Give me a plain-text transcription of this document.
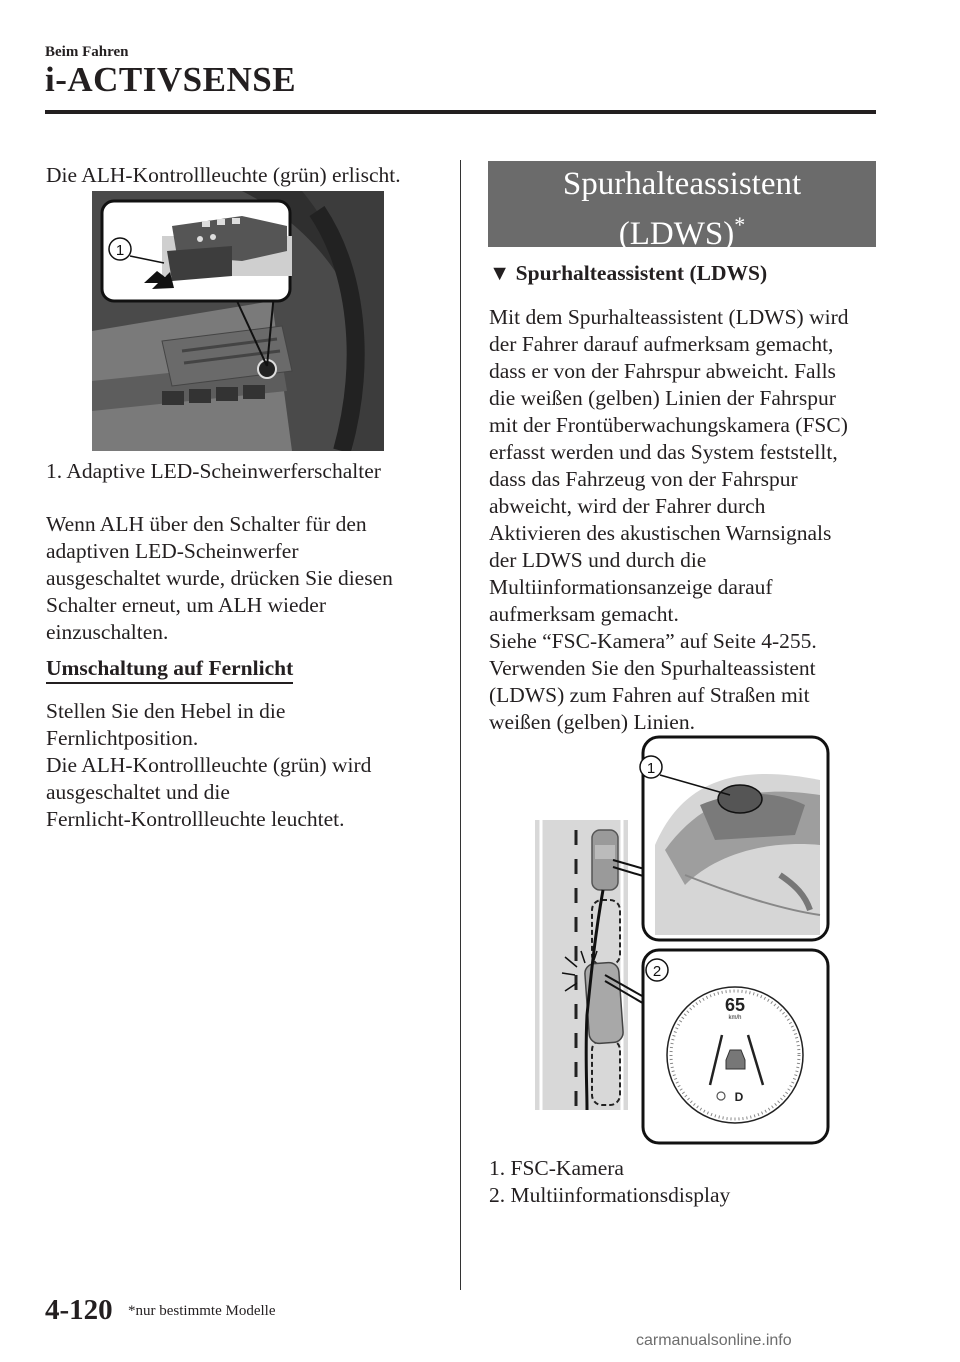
Beim Fahren
i-ACTIVSENSE

Die ALH-Kontrollleuchte (grün) erlischt.

1

1. Adaptive LED-Scheinwerferschalter

Wenn ALH über den Schalter für den

adaptiven LED-Scheinwerfer

ausgeschaltet wurde, drücken Sie diesen

Schalter erneut, um ALH wieder

einzuschalten.

Umschaltung auf Fernlicht

Stellen Sie den Hebel in die

Fernlichtposition.

Die ALH-Kontrollleuchte (grün) wird

ausgeschaltet und die

Fernlicht-Kontrollleuchte leuchtet.

Spurhalteassistent
(LDWS)*
▼ Spurhalteassistent (LDWS)

Mit dem Spurhalteassistent (LDWS) wird

der Fahrer darauf aufmerksam gemacht,

dass er von der Fahrspur abweicht. Falls

die weißen (gelben) Linien der Fahrspur

mit der Frontüberwachungskamera (FSC)

erfasst werden und das System feststellt,

dass das Fahrzeug von der Fahrspur

abweicht, wird der Fahrer durch

Aktivieren des akustischen Warnsignals

der LDWS und durch die

Multiinformationsanzeige darauf

aufmerksam gemacht.

Siehe “FSC-Kamera” auf Seite 4-255.

Verwenden Sie den Spurhalteassistent

(LDWS) zum Fahren auf Straßen mit

weißen (gelben) Linien.

1
65
km/h
D
2

1. FSC-Kamera

2. Multiinformationsdisplay

4-120 *nur bestimmte Modelle
carmanualsonline.info
